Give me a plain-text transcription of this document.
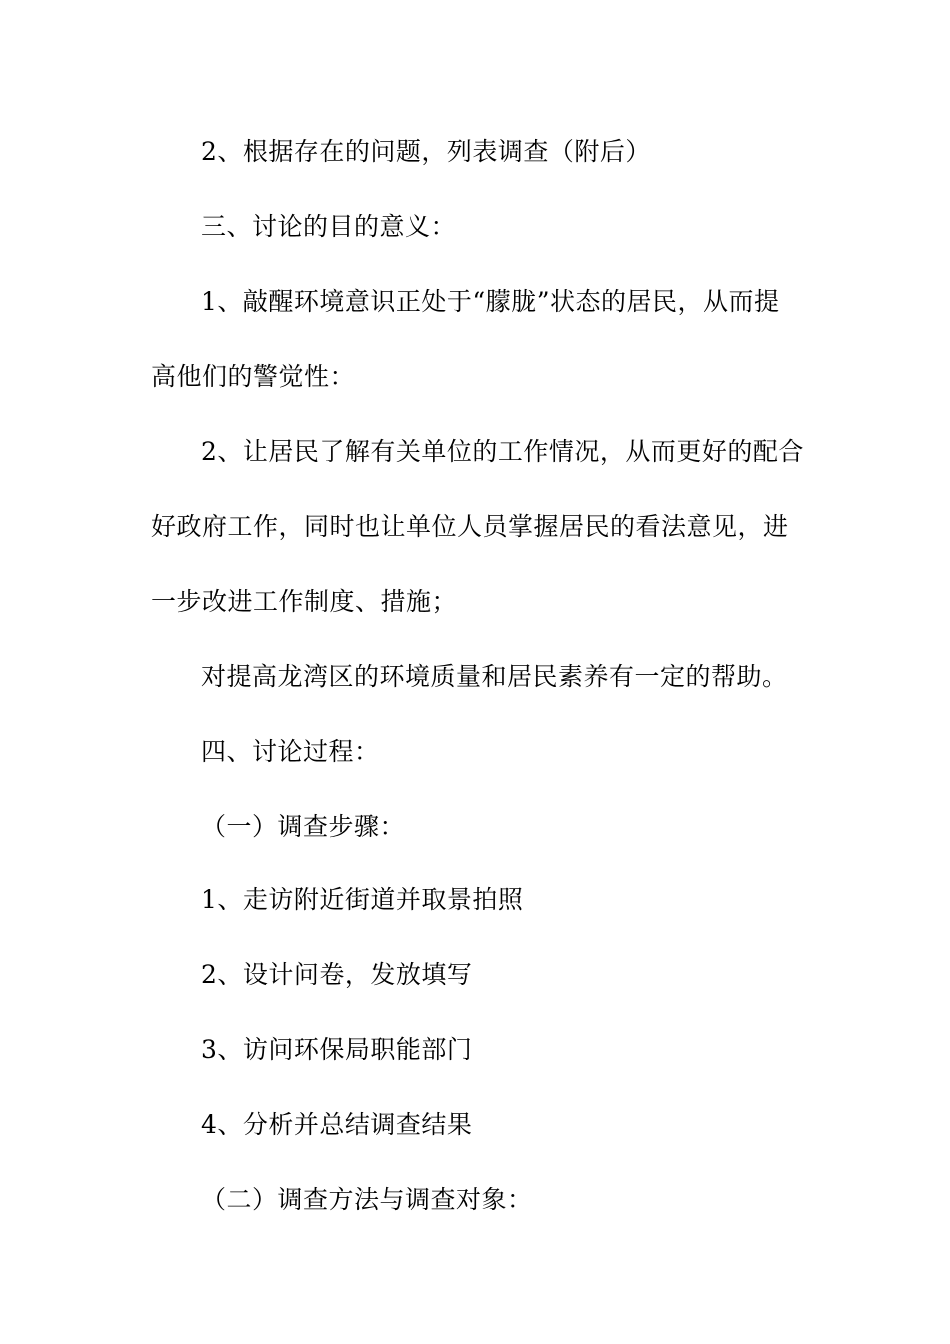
2、根据存在的问题，列表调查（附后）
三、讨论的目的意义：
1、敲醒环境意识正处于“朦胧”状态的居民，从而提
高他们的警觉性：
2、让居民了解有关单位的工作情况，从而更好的配合
好政府工作，同时也让单位人员掌握居民的看法意见，进
一步改进工作制度、措施；
对提高龙湾区的环境质量和居民素养有一定的帮助。
四、讨论过程：
（一）调查步骤：
1、走访附近街道并取景拍照
2、设计问卷，发放填写
3、访问环保局职能部门
4、分析并总结调查结果
（二）调查方法与调查对象：
